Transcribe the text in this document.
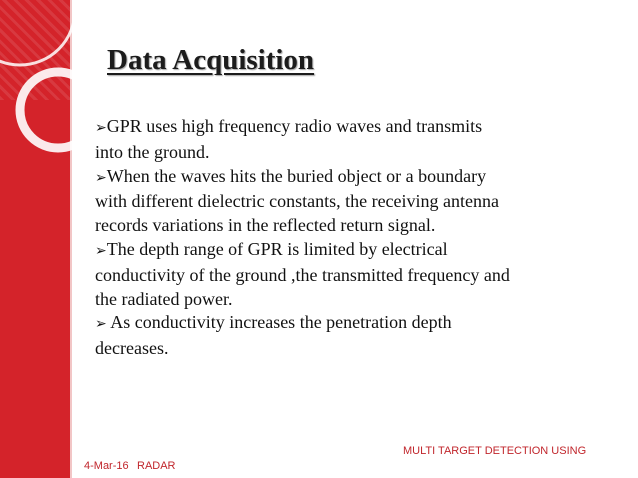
Data Acquisition

➢GPR uses high frequency radio waves and transmits
into the ground.

➢When the waves hits the buried object or a boundary
with different dielectric constants, the receiving antenna
records variations in the reflected return signal.

➢The depth range of GPR is limited by electrical
conductivity of the ground ,the transmitted frequency and
the radiated power.

➢ As conductivity increases the penetration depth
decreases.

MULTI TARGET DETECTION USING
4-Mar-16 RADAR
